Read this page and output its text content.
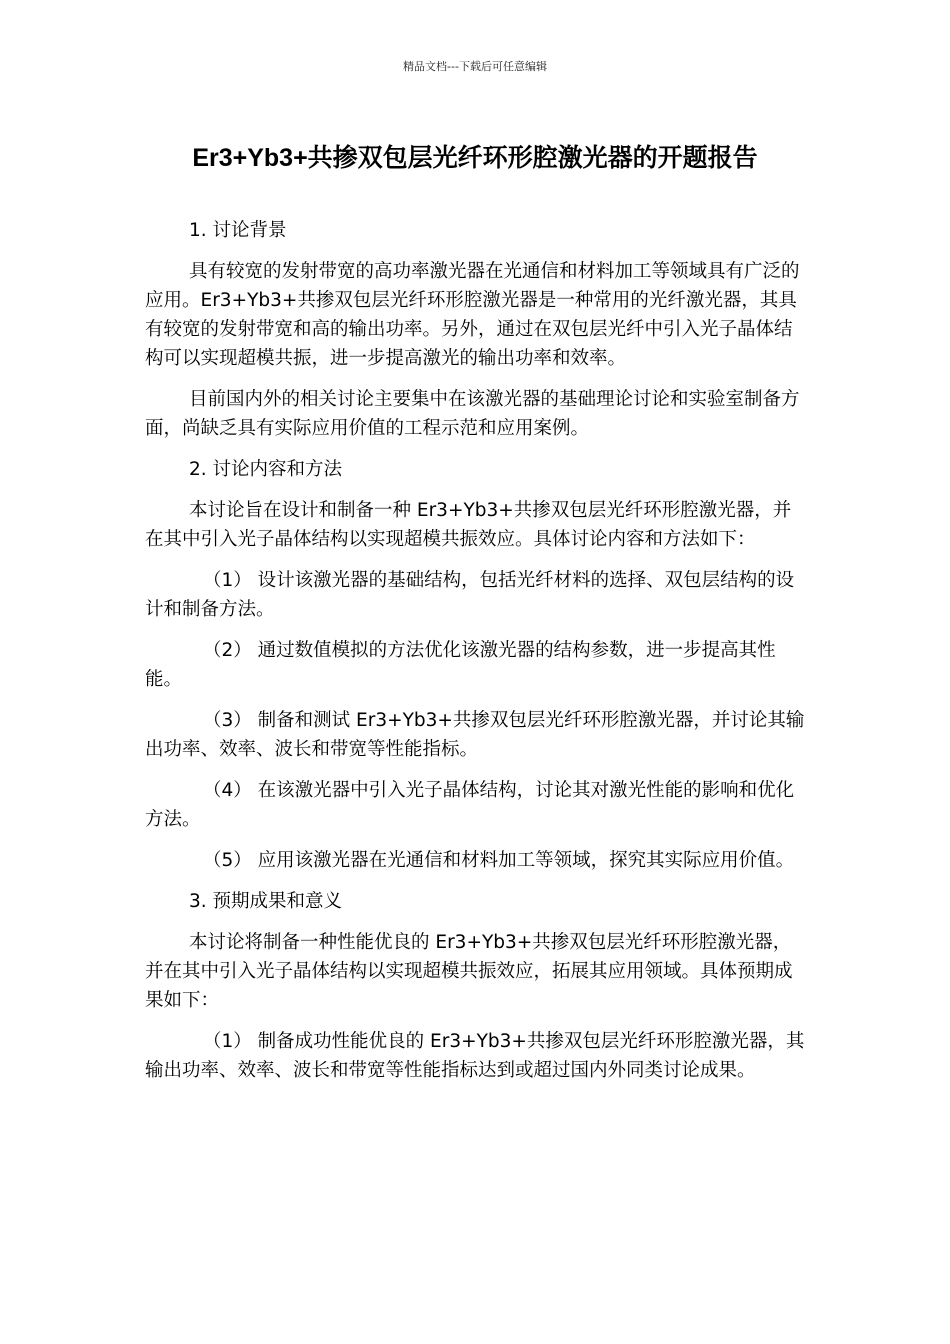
精品文档---下载后可任意编辑
Er3+Yb3+共掺双包层光纤环形腔激光器的开题报告

1. 讨论背景

具有较宽的发射带宽的高功率激光器在光通信和材料加工等领域具有广泛的应用。Er3+Yb3+共掺双包层光纤环形腔激光器是一种常用的光纤激光器，其具有较宽的发射带宽和高的输出功率。另外，通过在双包层光纤中引入光子晶体结构可以实现超模共振，进一步提高激光的输出功率和效率。

目前国内外的相关讨论主要集中在该激光器的基础理论讨论和实验室制备方面，尚缺乏具有实际应用价值的工程示范和应用案例。

2. 讨论内容和方法

本讨论旨在设计和制备一种 Er3+Yb3+共掺双包层光纤环形腔激光器，并在其中引入光子晶体结构以实现超模共振效应。具体讨论内容和方法如下：

（1） 设计该激光器的基础结构，包括光纤材料的选择、双包层结构的设计和制备方法。

（2） 通过数值模拟的方法优化该激光器的结构参数，进一步提高其性能。

（3） 制备和测试 Er3+Yb3+共掺双包层光纤环形腔激光器，并讨论其输出功率、效率、波长和带宽等性能指标。

（4） 在该激光器中引入光子晶体结构，讨论其对激光性能的影响和优化方法。

（5） 应用该激光器在光通信和材料加工等领域，探究其实际应用价值。

3. 预期成果和意义

本讨论将制备一种性能优良的 Er3+Yb3+共掺双包层光纤环形腔激光器，并在其中引入光子晶体结构以实现超模共振效应，拓展其应用领域。具体预期成果如下：

（1） 制备成功性能优良的 Er3+Yb3+共掺双包层光纤环形腔激光器，其输出功率、效率、波长和带宽等性能指标达到或超过国内外同类讨论成果。
